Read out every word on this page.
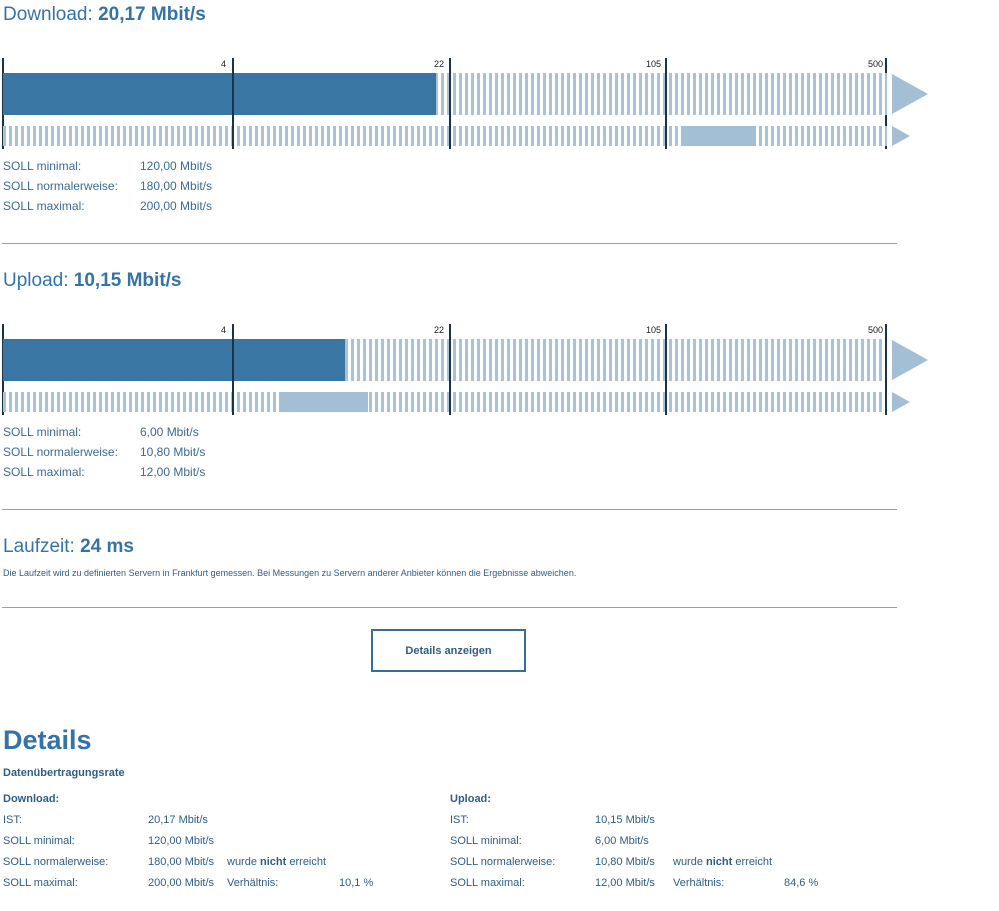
Download: 20,17 Mbit/s
4	22	105	500
SOLL minimal:	120,00 Mbit/s
SOLL normalerweise: 180,00 Mbit/s
SOLL maximal:	200,00 Mbit/s
Upload: 10,15 Mbit/s
4	22	105	500
SOLL minimal:	6,00 Mbit/s
SOLL normalerweise: 10,80 Mbit/s
SOLL maximal:	12,00 Mbit/s
Laufzeit: 24 ms
Die Laufzeit wird zu definierten Servern in Frankfurt gemessen. Bei Messungen zu Servern anderer Anbieter können die Ergebnisse abweichen.
Details anzeigen
Details
Datenübertragungsrate
Download:
IST:	20,17 Mbit/s
SOLL minimal:	120,00 Mbit/s
SOLL normalerweise:	180,00 Mbit/s wurde nicht erreicht
SOLL maximal:	200,00 Mbit/s Verhältnis:	10,1 %
Upload:
IST:	10,15 Mbit/s
SOLL minimal:	6,00 Mbit/s
SOLL normalerweise:	10,80 Mbit/s wurde nicht erreicht
SOLL maximal:	12,00 Mbit/s Verhältnis:	84,6 %
